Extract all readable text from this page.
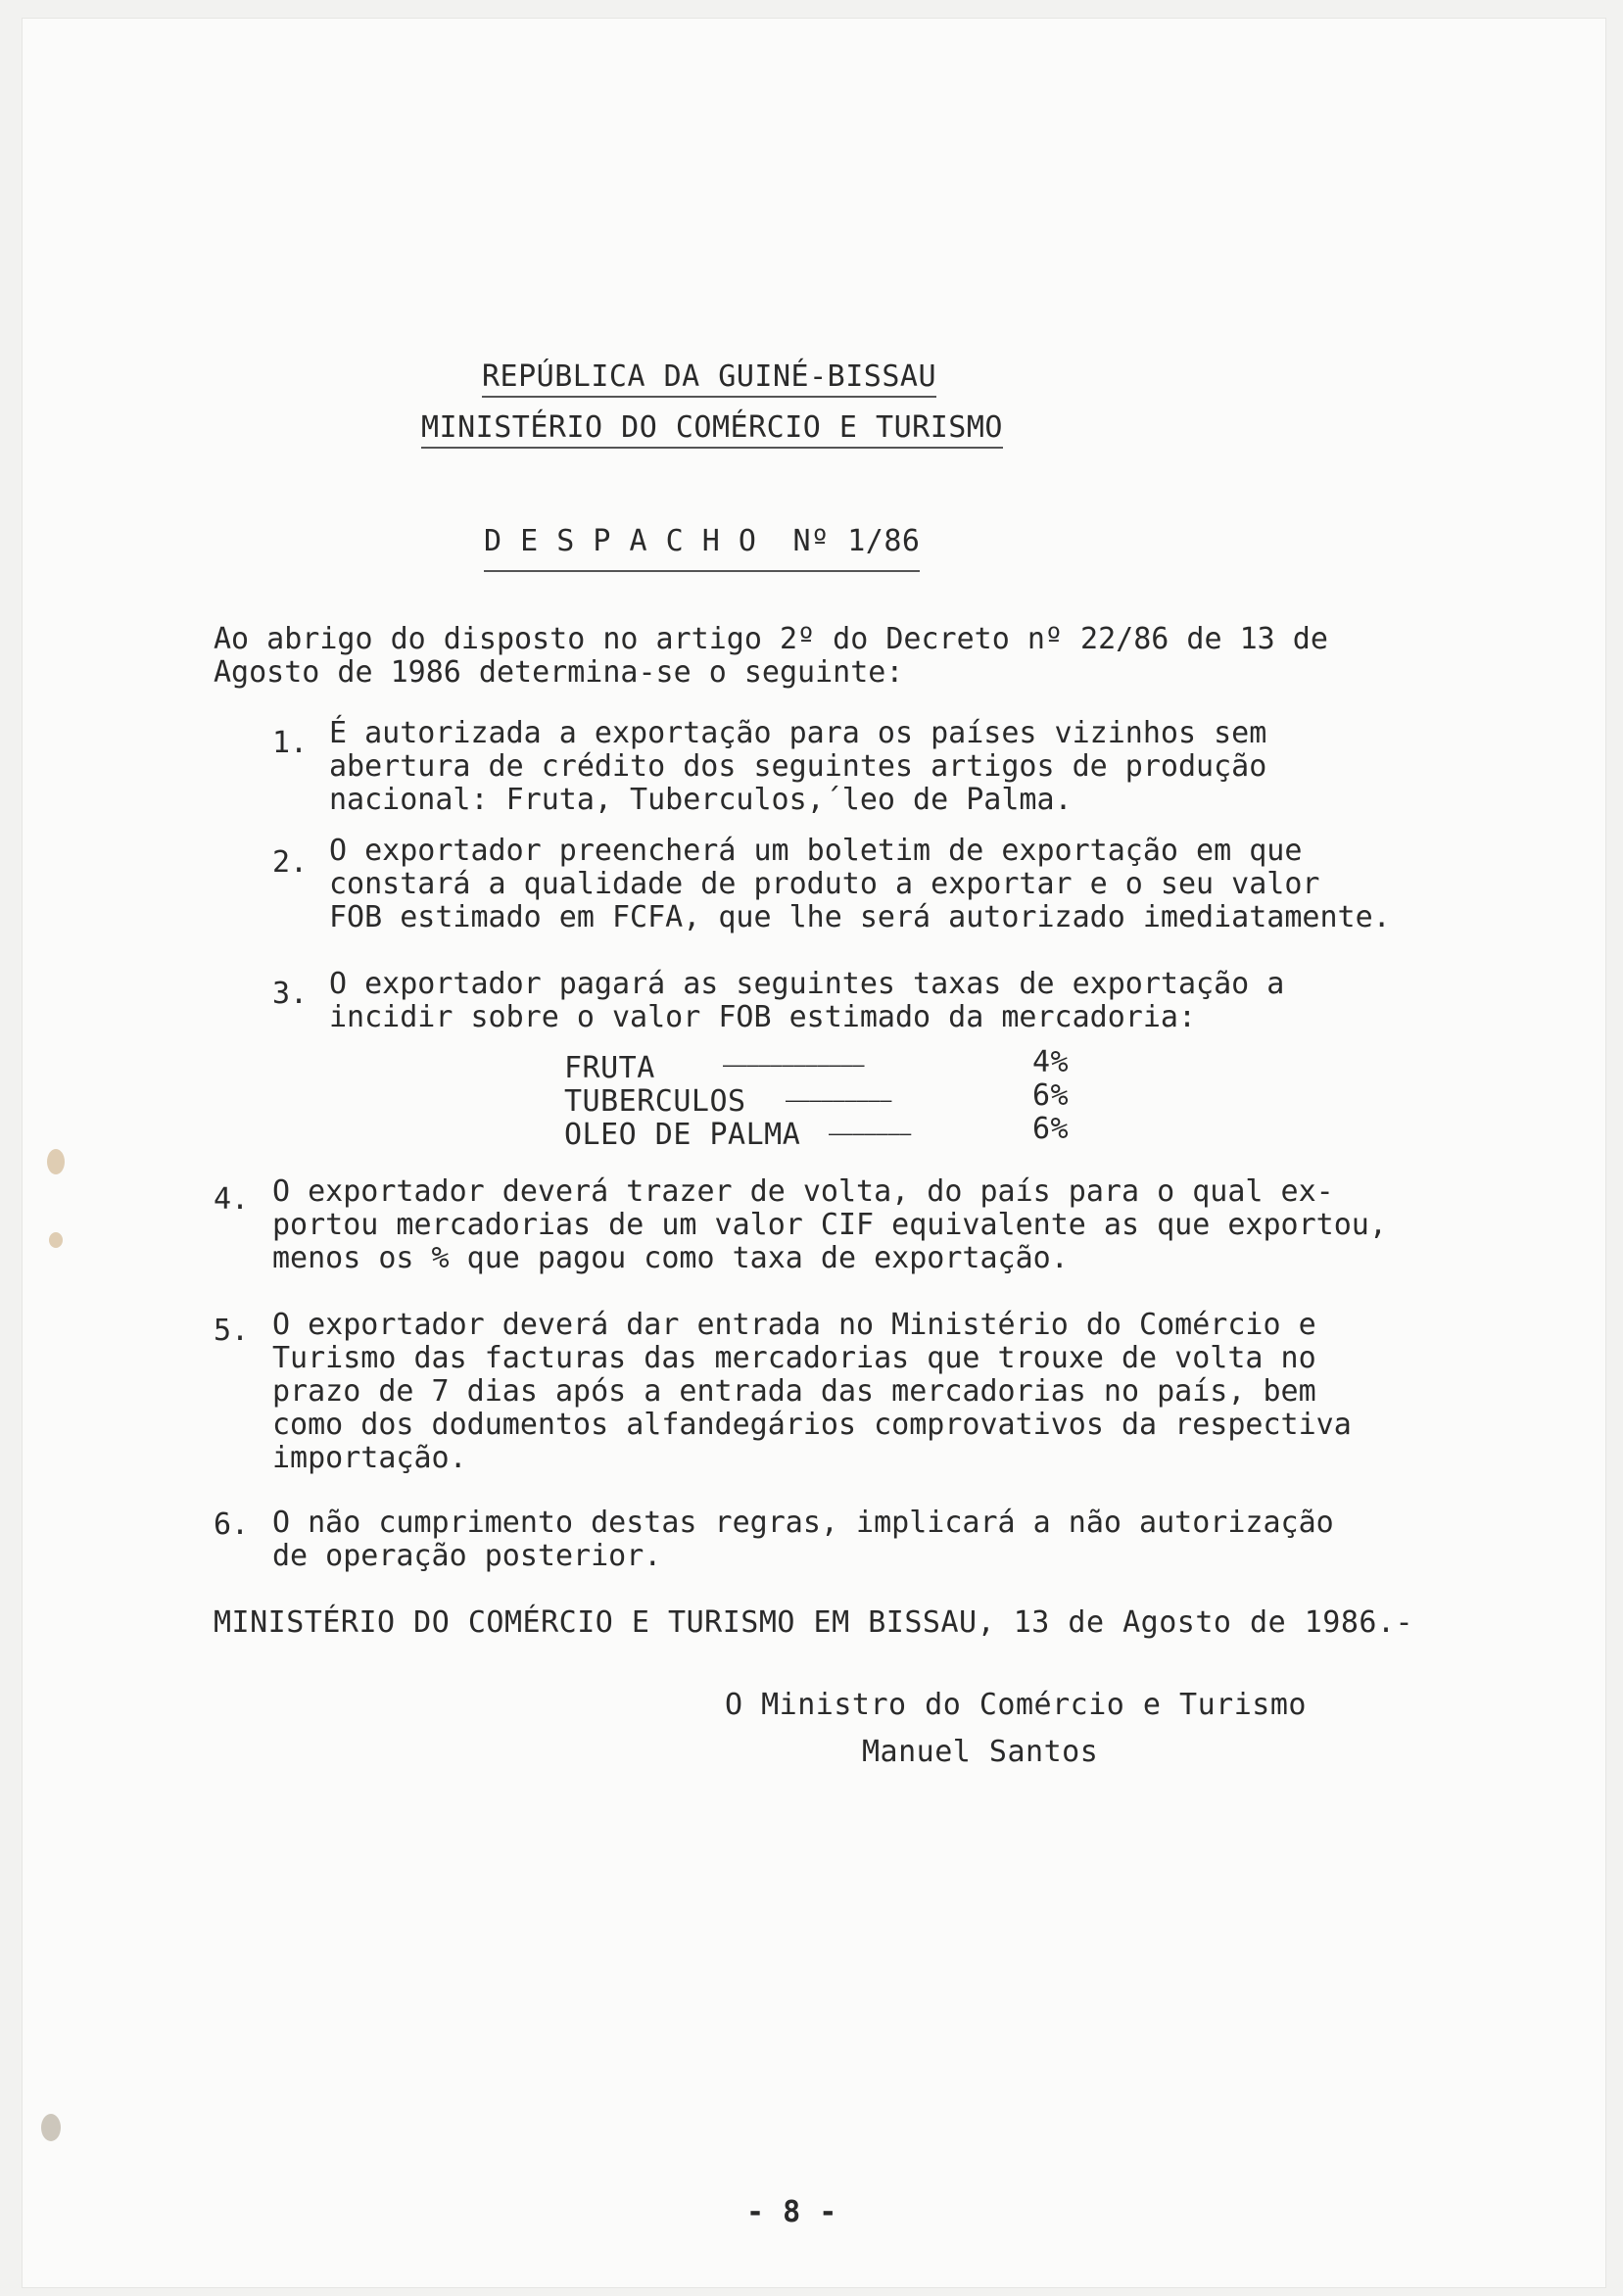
REPÚBLICA DA GUINÉ-BISSAU
MINISTÉRIO DO COMÉRCIO E TURISMO
D E S P A C H O  Nº 1/86
Ao abrigo do disposto no artigo 2º do Decreto nº 22/86 de 13 de
Agosto de 1986 determina-se o seguinte:
1. É autorizada a exportação para os países vizinhos sem
abertura de crédito dos seguintes artigos de produção
nacional: Fruta, Tuberculos,´leo de Palma.
2. O exportador preencherá um boletim de exportação em que
constará a qualidade de produto a exportar e o seu valor
FOB estimado em FCFA, que lhe será autorizado imediatamente.
3. O exportador pagará as seguintes taxas de exportação a
incidir sobre o valor FOB estimado da mercadoria:
FRUTA	————————————	4%
TUBERCULOS —————————	6%
OLEO DE PALMA ———————	6%
4. O exportador deverá trazer de volta, do país para o qual ex-
portou mercadorias de um valor CIF equivalente as que exportou,
menos os % que pagou como taxa de exportação.
5. O exportador deverá dar entrada no Ministério do Comércio e
Turismo das facturas das mercadorias que trouxe de volta no
prazo de 7 dias após a entrada das mercadorias no país, bem
como dos dodumentos alfandegários comprovativos da respectiva
importação.
6. O não cumprimento destas regras, implicará a não autorização
de operação posterior.
MINISTÉRIO DO COMÉRCIO E TURISMO EM BISSAU, 13 de Agosto de 1986.-
O Ministro do Comércio e Turismo
Manuel Santos
- 8 -
